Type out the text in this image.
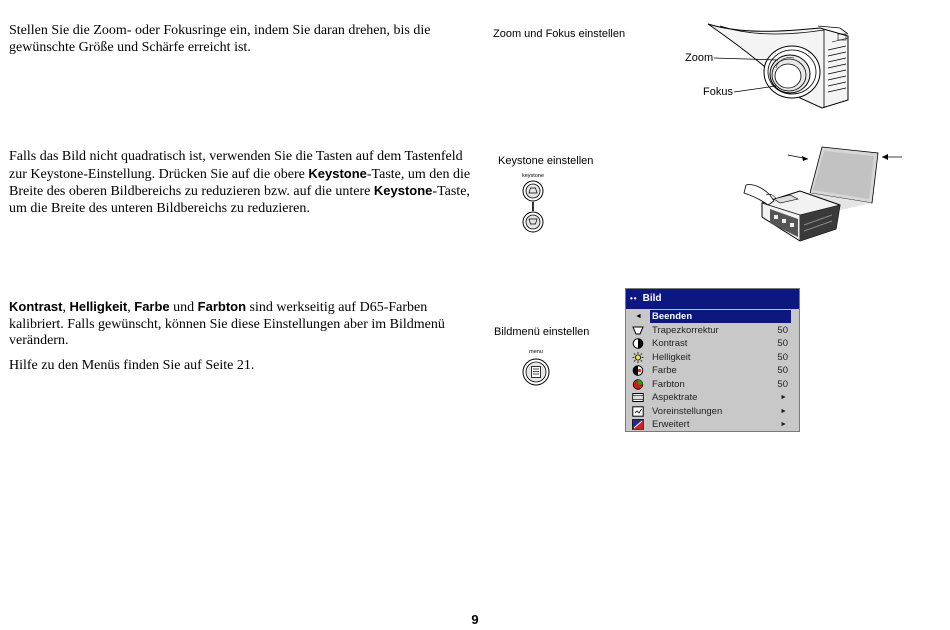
Stellen Sie die Zoom- oder Fokusringe ein, indem Sie daran drehen, bis die gewünschte Größe und Schärfe erreicht ist.

Zoom und Fokus einstellen
Zoom
Fokus

Falls das Bild nicht quadratisch ist, verwenden Sie die Tasten auf dem Tastenfeld zur Keystone-Einstellung. Drücken Sie auf die obere Keystone-Taste, um den die Breite des oberen Bildbereichs zu reduzieren bzw. auf die untere Keystone-Taste, um die Breite des unteren Bildbereichs zu reduzieren.

Keystone einstellen
keystone

Kontrast, Helligkeit, Farbe und Farbton sind werkseitig auf D65-Farben kalibriert. Falls gewünscht, können Sie diese Einstellungen aber im Bildmenü verändern.

Hilfe zu den Menüs finden Sie auf Seite 21.

Bildmenü einstellen
menu
•• Bild
◄ Beenden
Trapezkorrektur	50
Kontrast	50
Helligkeit	50
Farbe	50
Farbton	50
Aspektrate	►
Voreinstellungen	►
Erweitert	►
9
